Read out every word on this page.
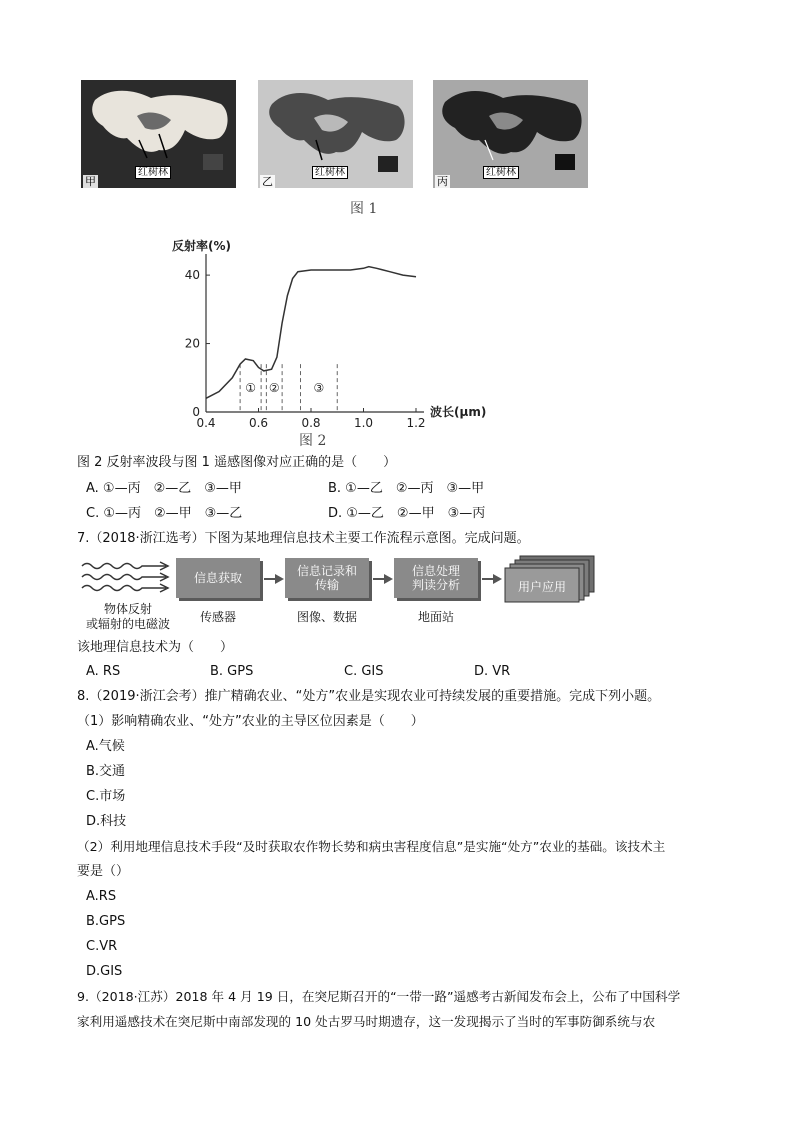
红树林
甲
红树林
乙
红树林
丙
图 1
反射率(%)
0
20
40
0.4	0.6	0.8	1.0	1.2
① ②	③
波长(μm)
图 2
图 2 反射率波段与图 1 遥感图像对应正确的是（　　）
A. ①—丙　②—乙　③—甲	B. ①—乙　②—丙　③—甲
C. ①—丙　②—甲　③—乙	D. ①—乙　②—甲　③—丙
7.（2018·浙江选考）下图为某地理信息技术主要工作流程示意图。完成问题。
信息获取	信息记录和
传输
信息处理
判读分析	用户应用
物体反射
或辐射的电磁波	传感器	图像、数据	地面站
该地理信息技术为（　　）
A. RS	B. GPS	C. GIS	D. VR
8.（2019·浙江会考）推广精确农业、“处方”农业是实现农业可持续发展的重要措施。完成下列小题。
（1）影响精确农业、“处方”农业的主导区位因素是（　　）
A.气候
B.交通
C.市场
D.科技
（2）利用地理信息技术手段“及时获取农作物长势和病虫害程度信息”是实施“处方”农业的基础。该技术主
要是（）
A.RS
B.GPS
C.VR
D.GIS
9.（2018·江苏）2018 年 4 月 19 日，在突尼斯召开的“一带一路”遥感考古新闻发布会上，公布了中国科学
家利用遥感技术在突尼斯中南部发现的 10 处古罗马时期遗存，这一发现揭示了当时的军事防御系统与农
